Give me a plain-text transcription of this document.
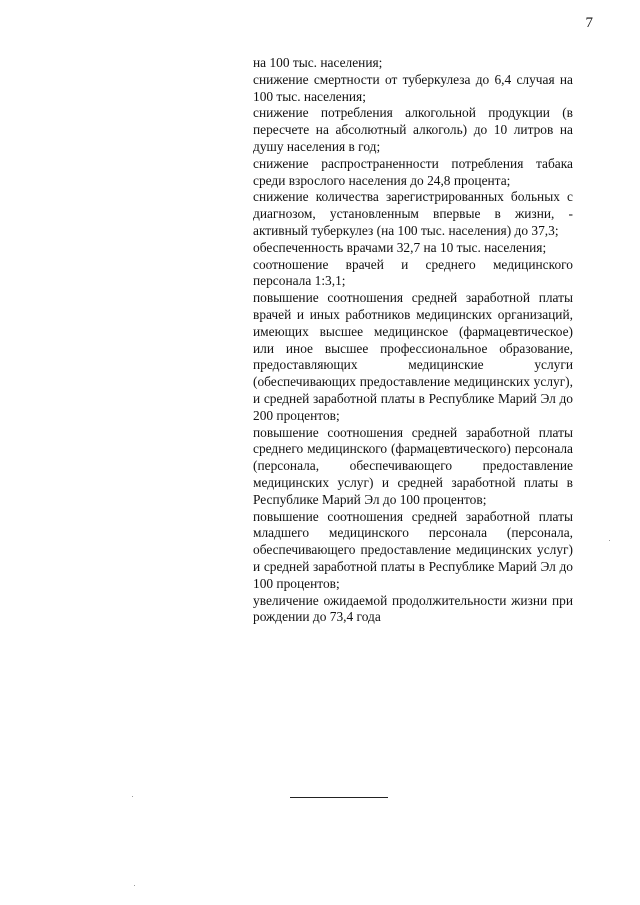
7

на 100 тыс. населения;

снижение смертности от туберкулеза до 6,4 случая на 100 тыс. населения;

снижение потребления алкогольной продукции (в пересчете на абсолютный алкоголь) до 10 литров на душу населения в год;

снижение распространенности потребления табака среди взрослого населения до 24,8 процента;

снижение количества зарегистрированных больных с диагнозом, установленным впервые в жизни, - активный туберкулез (на 100 тыс. населения) до 37,3;

обеспеченность врачами 32,7 на 10 тыс. населения;

соотношение врачей и среднего медицинского персонала 1:3,1;

повышение соотношения средней заработной платы врачей и иных работников медицинских организаций, имеющих высшее медицинское (фармацевтическое) или иное высшее профессиональное образование, предоставляющих медицинские услуги (обеспечивающих предоставление медицинских услуг), и средней заработной платы в Республике Марий Эл до 200 процентов;

повышение соотношения средней заработной платы среднего медицинского (фармацевтического) персонала (персонала, обеспечивающего предоставление медицинских услуг) и средней заработной платы в Республике Марий Эл до 100 процентов;

повышение соотношения средней заработной платы младшего медицинского персонала (персонала, обеспечивающего предоставление медицинских услуг) и средней заработной платы в Республике Марий Эл до 100 процентов;

увеличение ожидаемой продолжительности жизни при рождении до 73,4 года
